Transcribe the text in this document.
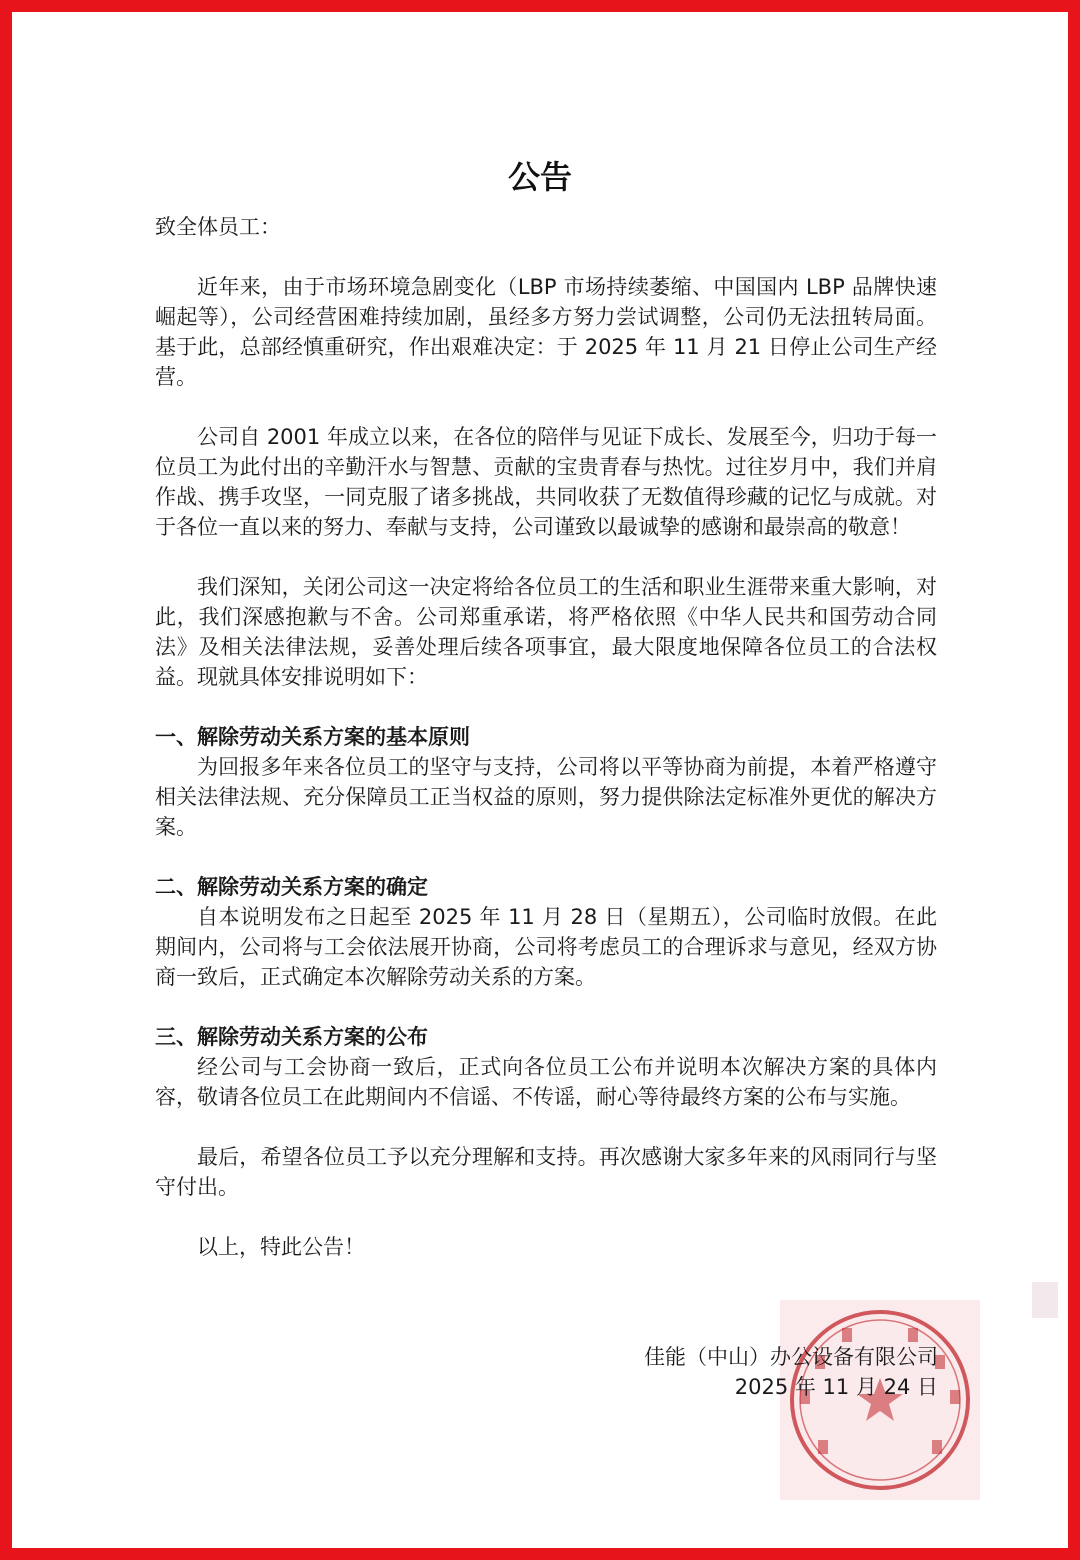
公告

致全体员工：

近年来，由于市场环境急剧变化（LBP 市场持续萎缩、中国国内 LBP 品牌快速崛起等），公司经营困难持续加剧，虽经多方努力尝试调整，公司仍无法扭转局面。基于此，总部经慎重研究，作出艰难决定：于 2025 年 11 月 21 日停止公司生产经营。

公司自 2001 年成立以来，在各位的陪伴与见证下成长、发展至今，归功于每一位员工为此付出的辛勤汗水与智慧、贡献的宝贵青春与热忱。过往岁月中，我们并肩作战、携手攻坚，一同克服了诸多挑战，共同收获了无数值得珍藏的记忆与成就。对于各位一直以来的努力、奉献与支持，公司谨致以最诚挚的感谢和最崇高的敬意！

我们深知，关闭公司这一决定将给各位员工的生活和职业生涯带来重大影响，对此，我们深感抱歉与不舍。公司郑重承诺，将严格依照《中华人民共和国劳动合同法》及相关法律法规，妥善处理后续各项事宜，最大限度地保障各位员工的合法权益。现就具体安排说明如下：

一、解除劳动关系方案的基本原则

为回报多年来各位员工的坚守与支持，公司将以平等协商为前提，本着严格遵守相关法律法规、充分保障员工正当权益的原则，努力提供除法定标准外更优的解决方案。

二、解除劳动关系方案的确定

自本说明发布之日起至 2025 年 11 月 28 日（星期五），公司临时放假。在此期间内，公司将与工会依法展开协商，公司将考虑员工的合理诉求与意见，经双方协商一致后，正式确定本次解除劳动关系的方案。

三、解除劳动关系方案的公布

经公司与工会协商一致后，正式向各位员工公布并说明本次解决方案的具体内容，敬请各位员工在此期间内不信谣、不传谣，耐心等待最终方案的公布与实施。

最后，希望各位员工予以充分理解和支持。再次感谢大家多年来的风雨同行与坚守付出。

以上，特此公告！

佳能（中山）办公设备有限公司

2025 年 11 月 24 日
